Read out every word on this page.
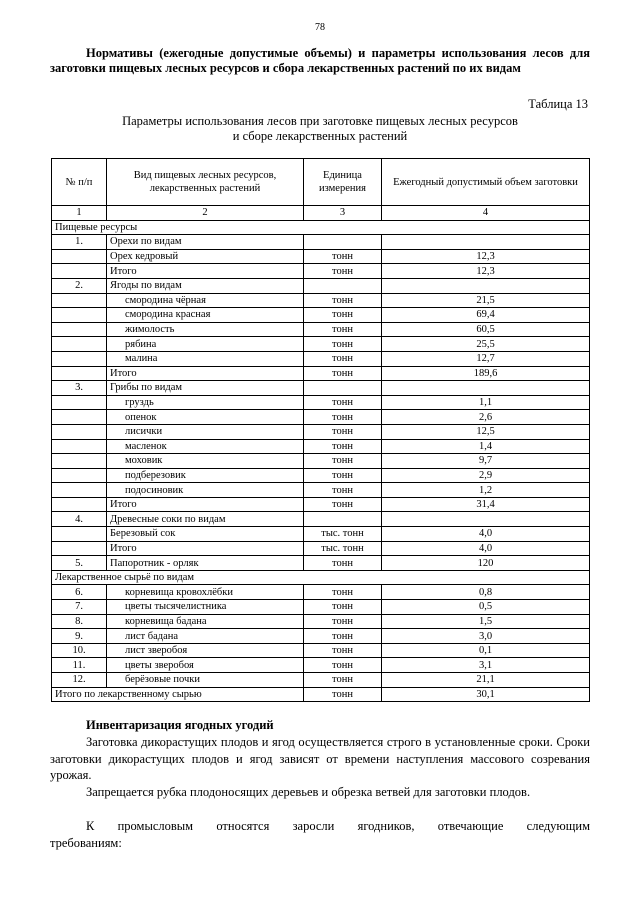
78
Нормативы (ежегодные допустимые объемы) и параметры использования лесов для заготовки пищевых лесных ресурсов и сбора лекарственных растений по их видам
Таблица 13
Параметры использования лесов при заготовке пищевых лесных ресурсов
и сборе лекарственных растений
№ п/п	Вид пищевых лесных ресурсов, лекарственных растений	Единица измерения	Ежегодный допустимый объем заготовки
1	2	3	4
Пищевые ресурсы			
1.	Орехи по видам		
	Орех кедровый	тонн	12,3
	Итого	тонн	12,3
2.	Ягоды по видам		
	смородина чёрная	тонн	21,5
	смородина красная	тонн	69,4
	жимолость	тонн	60,5
	рябина	тонн	25,5
	малина	тонн	12,7
	Итого	тонн	189,6
3.	Грибы по видам		
	груздь	тонн	1,1
	опенок	тонн	2,6
	лисички	тонн	12,5
	масленок	тонн	1,4
	моховик	тонн	9,7
	подберезовик	тонн	2,9
	подосиновик	тонн	1,2
	Итого	тонн	31,4
4.	Древесные соки по видам		
	Березовый сок	тыс. тонн	4,0
	Итого	тыс. тонн	4,0
5.	Папоротник - орляк	тонн	120
Лекарственное сырьё по видам			
6.	корневища кровохлёбки	тонн	0,8
7.	цветы тысячелистника	тонн	0,5
8.	корневища бадана	тонн	1,5
9.	лист бадана	тонн	3,0
10.	лист зверобоя	тонн	0,1
11.	цветы зверобоя	тонн	3,1
12.	берёзовые почки	тонн	21,1
Итого по лекарственному сырью		тонн	30,1
Инвентаризация ягодных угодий
Заготовка дикорастущих плодов и ягод осуществляется строго в установленные сроки. Сроки заготовки дикорастущих плодов и ягод зависят от времени наступления массового созревания урожая.
Запрещается рубка плодоносящих деревьев и обрезка ветвей для заготовки плодов.
К промысловым относятся заросли ягодников, отвечающие следующим
требованиям:
